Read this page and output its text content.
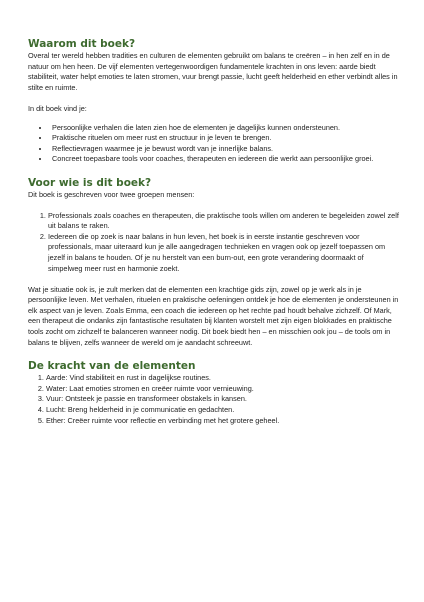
Waarom dit boek?

Overal ter wereld hebben tradities en culturen de elementen gebruikt om balans te creëren – in hen zelf en in de natuur om hen heen. De vijf elementen vertegenwoordigen fundamentele krachten in ons leven: aarde biedt stabiliteit, water helpt emoties te laten stromen, vuur brengt passie, lucht geeft helderheid en ether verbindt alles in stilte en ruimte.

In dit boek vind je:

• Persoonlijke verhalen die laten zien hoe de elementen je dagelijks kunnen ondersteunen.
• Praktische rituelen om meer rust en structuur in je leven te brengen.
• Reflectievragen waarmee je je bewust wordt van je innerlijke balans.
• Concreet toepasbare tools voor coaches, therapeuten en iedereen die werkt aan persoonlijke groei.
Voor wie is dit boek?

Dit boek is geschreven voor twee groepen mensen:

1. Professionals zoals coaches en therapeuten, die praktische tools willen om anderen te begeleiden zowel zelf uit balans te raken.
2. Iedereen die op zoek is naar balans in hun leven, het boek is in eerste instantie geschreven voor professionals, maar uiteraard kun je alle aangedragen technieken en vragen ook op jezelf toepassen om jezelf in balans te houden. Of je nu herstelt van een burn-out, een grote verandering doormaakt of simpelweg meer rust en harmonie zoekt.

Wat je situatie ook is, je zult merken dat de elementen een krachtige gids zijn, zowel op je werk als in je persoonlijke leven. Met verhalen, rituelen en praktische oefeningen ontdek je hoe de elementen je ondersteunen in elk aspect van je leven. Zoals Emma, een coach die iedereen op het rechte pad houdt behalve zichzelf. Of Mark, een therapeut die ondanks zijn fantastische resultaten bij klanten worstelt met zijn eigen blokkades en praktische tools zocht om zichzelf te balanceren wanneer nodig. Dit boek biedt hen – en misschien ook jou – de tools om in balans te blijven, zelfs wanneer de wereld om je aandacht schreeuwt.

De kracht van de elementen
1. Aarde: Vind stabiliteit en rust in dagelijkse routines.
2. Water: Laat emoties stromen en creëer ruimte voor vernieuwing.
3. Vuur: Ontsteek je passie en transformeer obstakels in kansen.
4. Lucht: Breng helderheid in je communicatie en gedachten.
5. Ether: Creëer ruimte voor reflectie en verbinding met het grotere geheel.
